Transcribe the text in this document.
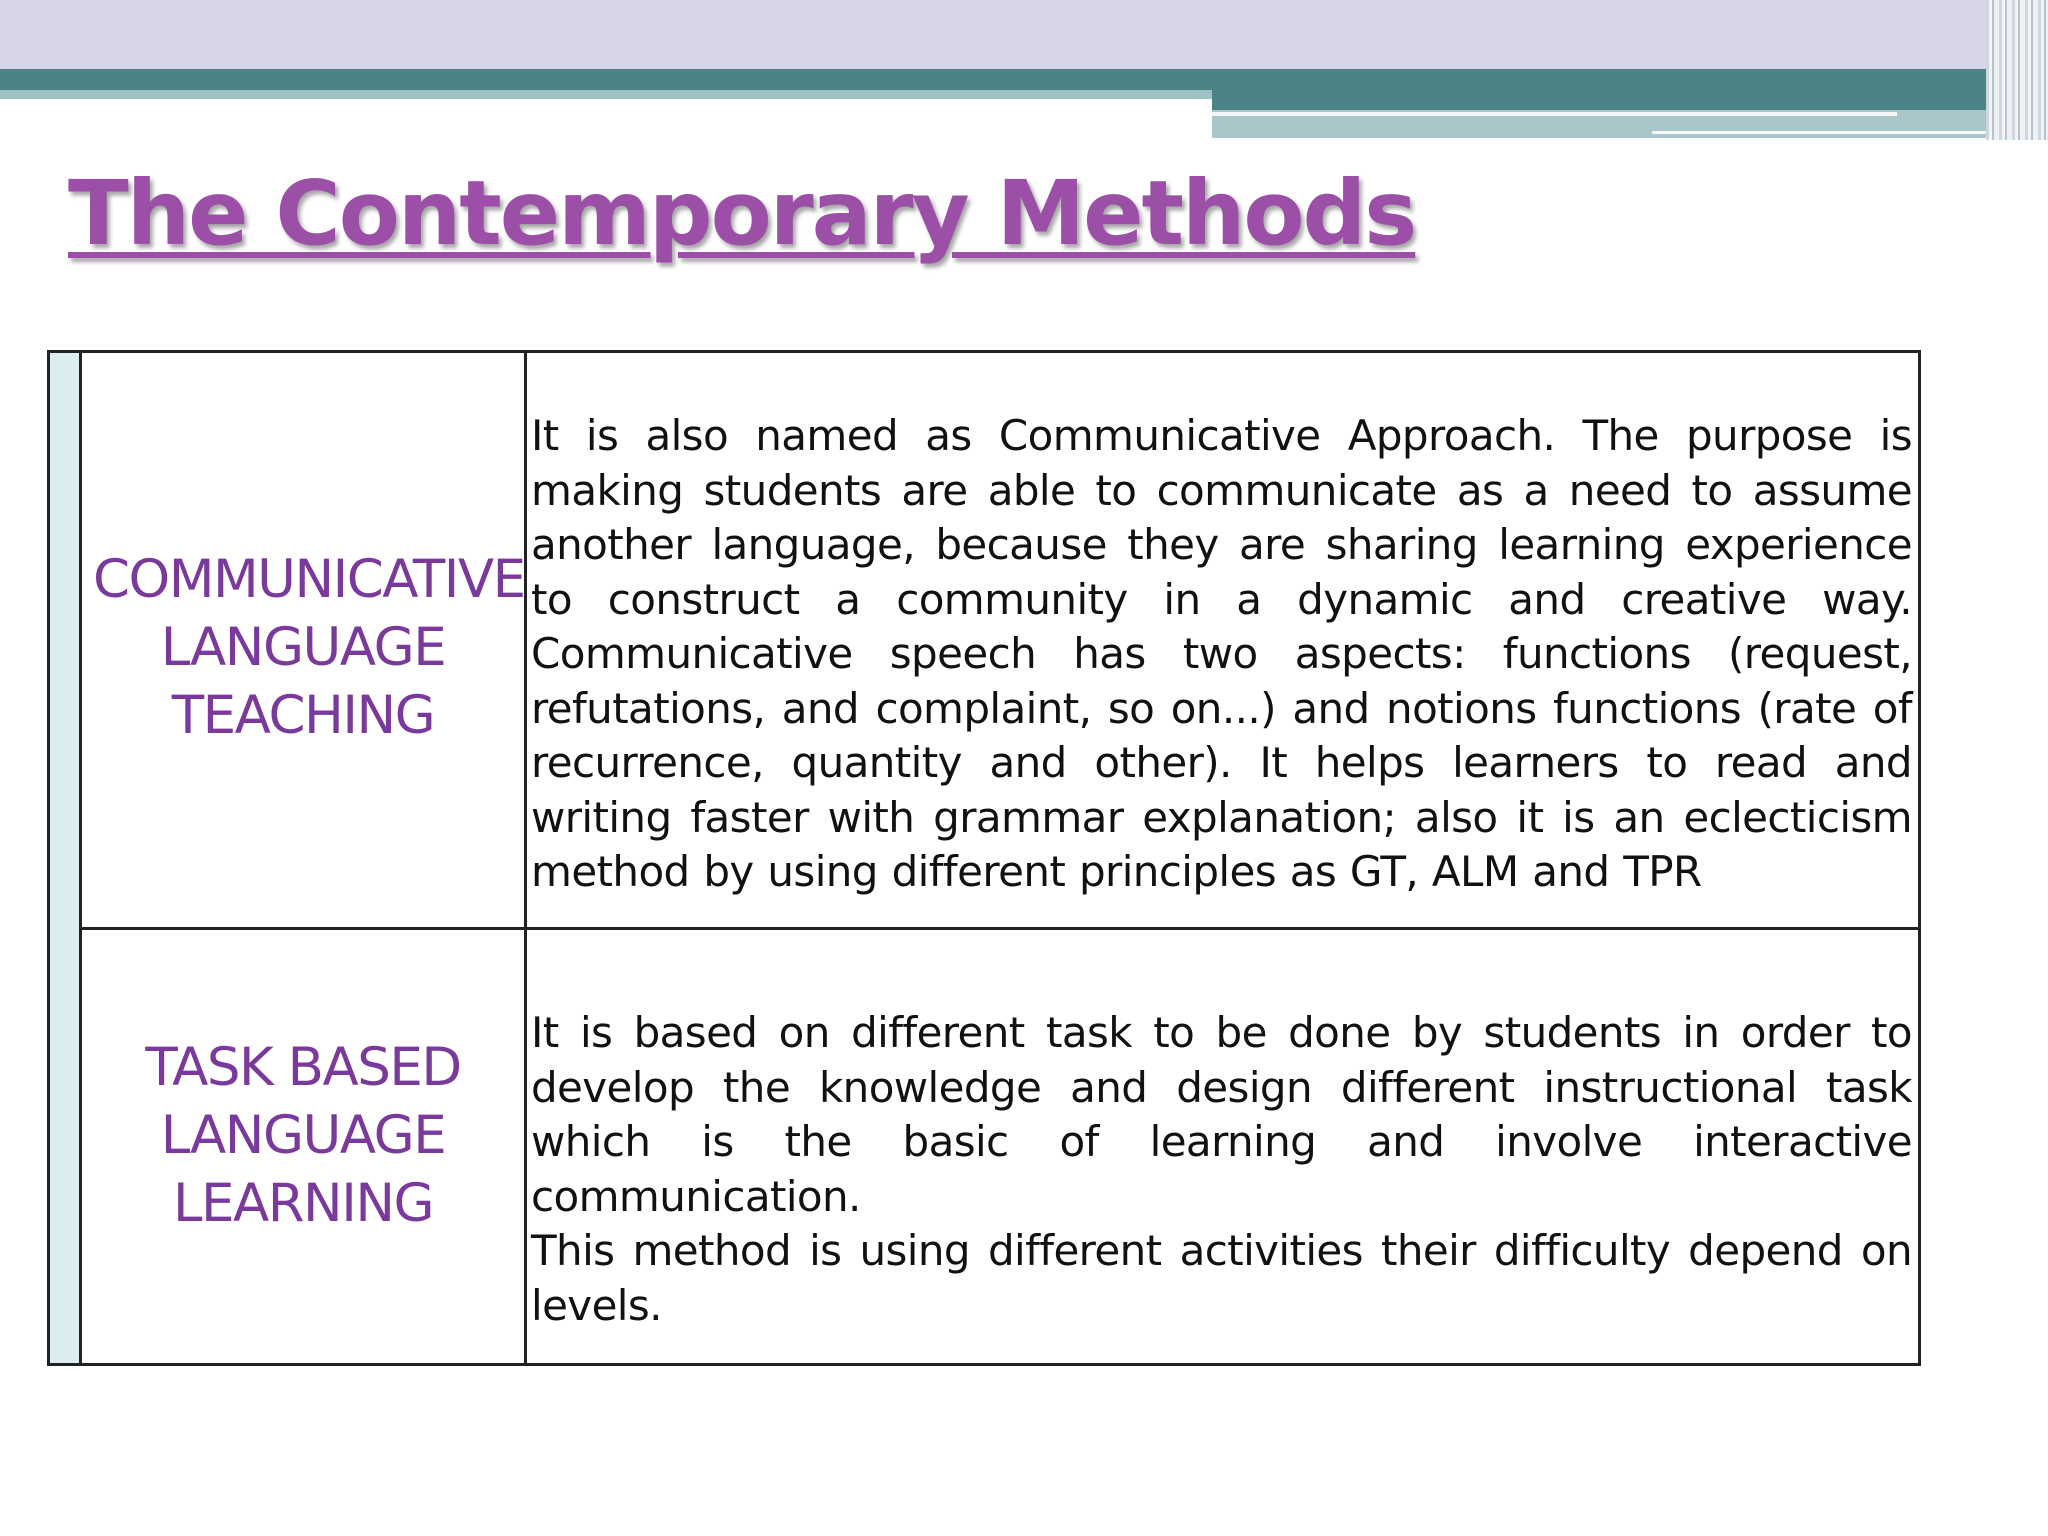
The Contemporary Methods
COMMUNICATIVE LANGUAGE TEACHING

It is also named as Communicative Approach. The purpose is making students are able to communicate as a need to assume another language, because they are sharing learning experience to construct a community in a dynamic and creative way. Communicative speech has two aspects: functions (request, refutations, and complaint, so on...) and notions functions (rate of recurrence, quantity and other). It helps learners to read and writing faster with grammar explanation; also it is an eclecticism method by using different principles as GT, ALM and TPR

TASK BASED LANGUAGE LEARNING

It is based on different task to be done by students in order to develop the knowledge and design different instructional task which is the basic of learning and involve interactive communication.

This method is using different activities their difficulty depend on levels.
